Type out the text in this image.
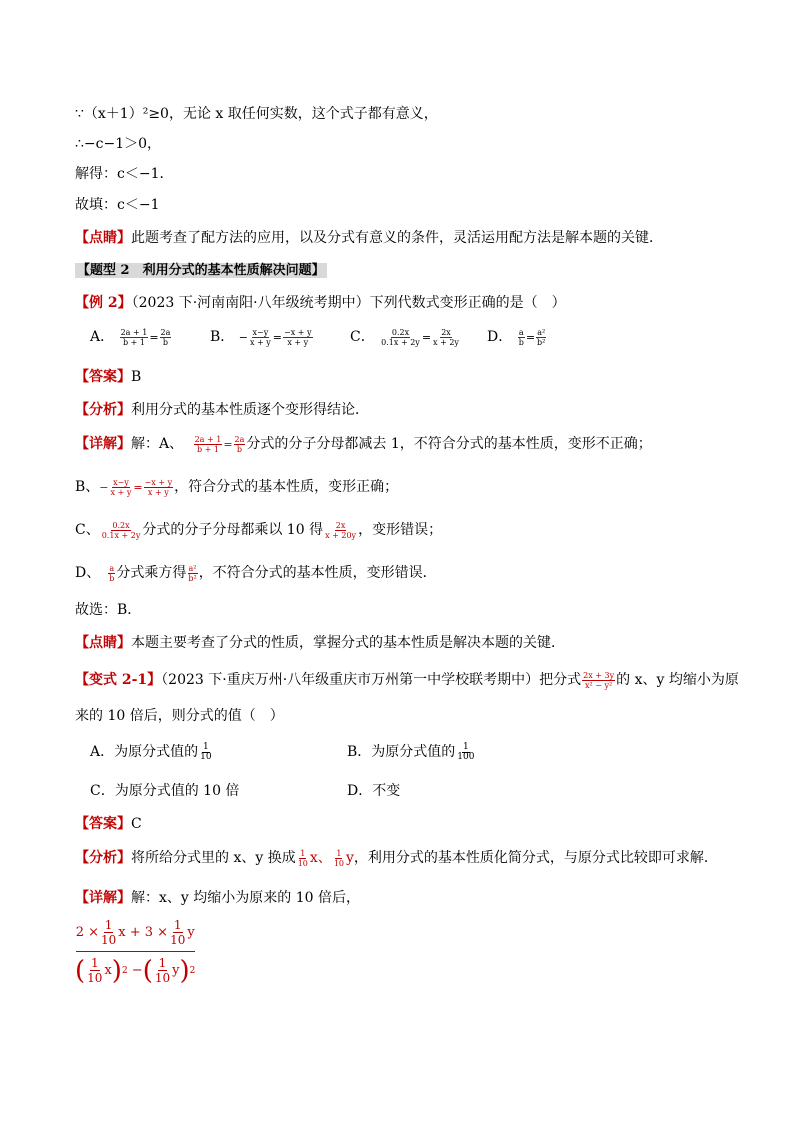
∵（x＋1）²≥0，无论 x 取任何实数，这个式子都有意义，
∴−c−1＞0，
解得：c＜−1．
故填：c＜−1
【点睛】此题考查了配方法的应用，以及分式有意义的条件，灵活运用配方法是解本题的关键．
【题型 2　利用分式的基本性质解决问题】
【例 2】（2023 下·河南南阳·八年级统考期中）下列代数式变形正确的是（　）
A． $\frac{2a + 1}{b + 1} = \frac{2a}{b}$	B． − $\frac{x-y}{x + y} = \frac{-x + y}{x + y}$	C． $\frac{0.2x}{0.1x + 2y} = \frac{2x}{x + 2y}$ D． $\frac{a}{b} = \frac{\text{a²}}{\text{b²}}$
【答案】B
【分析】利用分式的基本性质逐个变形得结论．
【详解】解：A、 $\frac{2a + 1}{b + 1} = \frac{2a}{b}$ 分式的分子分母都减去 1，不符合分式的基本性质，变形不正确；
B、− $\frac{x-y}{x + y} = \frac{-x + y}{x + y}$ ，符合分式的基本性质，变形正确；
C、 $\frac{0.2x}{0.1x + 2y}$ 分式的分子分母都乘以 10 得 $\frac{2x}{x + 20y}$ ，变形错误；
D、 $\frac{a}{b}$ 分式乘方得 $\frac{\text{a²}}{\text{b²}}$ ，不符合分式的基本性质，变形错误．
故选：B．
【点睛】本题主要考查了分式的性质，掌握分式的基本性质是解决本题的关键．
【变式 2-1】（2023 下·重庆万州·八年级重庆市万州第一中学校联考期中）把分式 $\frac{2x + 3y}{\text{x² − y²}}$ 的 x、y 均缩小为原
来的 10 倍后，则分式的值（　）
A．为原分式值的 $\frac{1}{10}$	B．为原分式值的 $\frac{1}{100}$
C．为原分式值的 10 倍	D．不变
【答案】C
【分析】将所给分式里的 x、y 换成 $\frac{1}{10}$ x、 $\frac{1}{10}$ y，利用分式的基本性质化简分式，与原分式比较即可求解．
【详解】解：x、y 均缩小为原来的 10 倍后，
$2 \times \frac{1}{10}$ $x + 3 \times \frac{1}{10}$ y
( 1
10 x ) 2 − ( 1
10 y ) 2
